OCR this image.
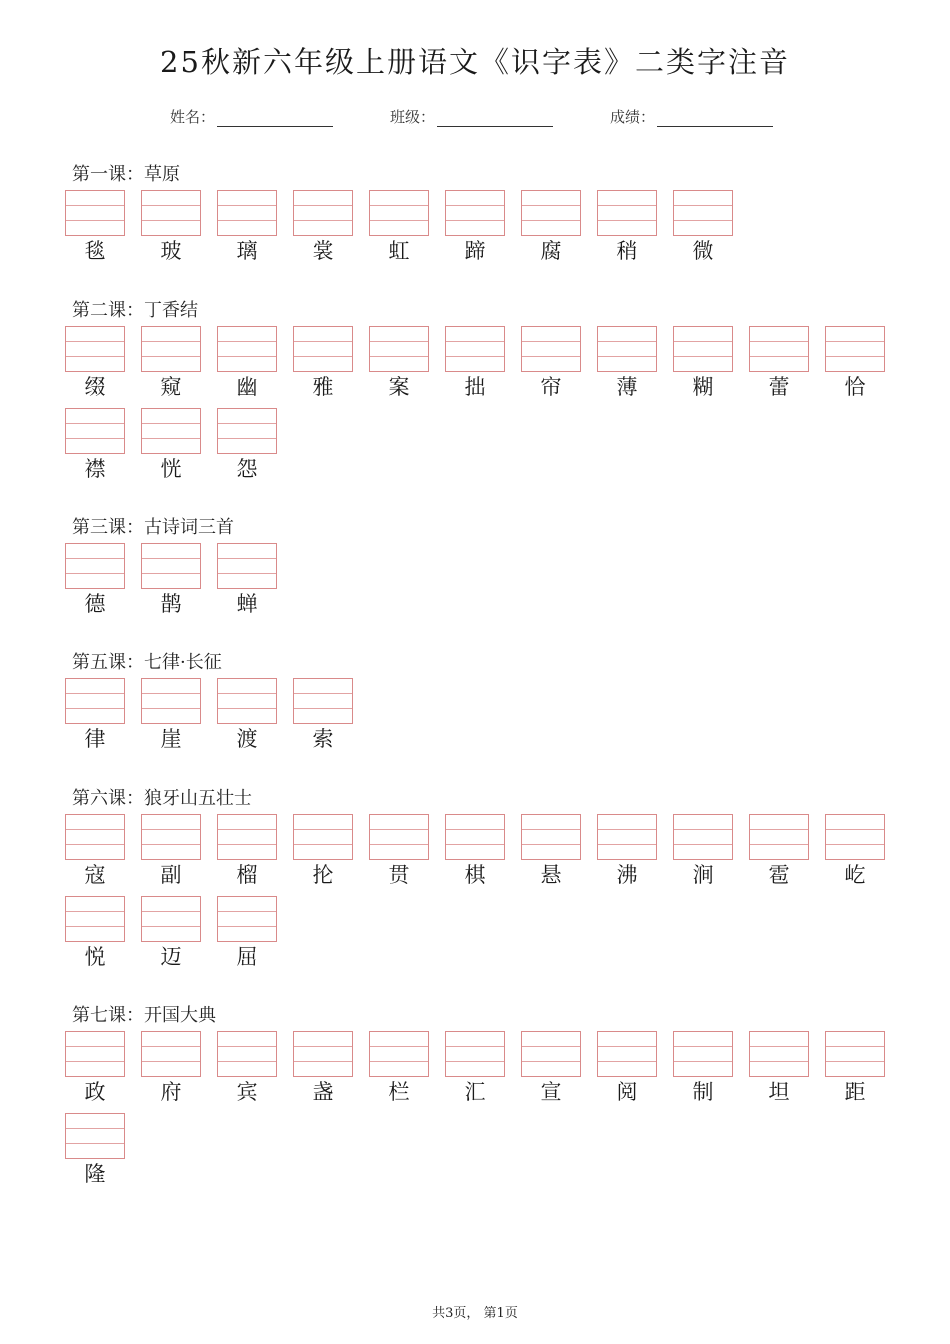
25秋新六年级上册语文《识字表》二类字注音
姓名：	班级：	成绩：
第一课：草原
毯	玻	璃	裳	虹	蹄	腐	稍	微
第二课：丁香结
缀	窥	幽	雅	案	拙	帘	薄	糊	蕾	恰
襟	恍	怨
第三课：古诗词三首
德	鹊	蝉
第五课：七律·长征
律	崖	渡	索
第六课：狼牙山五壮士
寇	副	榴	抡	贯	棋	悬	沸	涧	雹	屹
悦	迈	屈
第七课：开国大典
政	府	宾	盏	栏	汇	宣	阅	制	坦	距
隆
共3页， 第1页
